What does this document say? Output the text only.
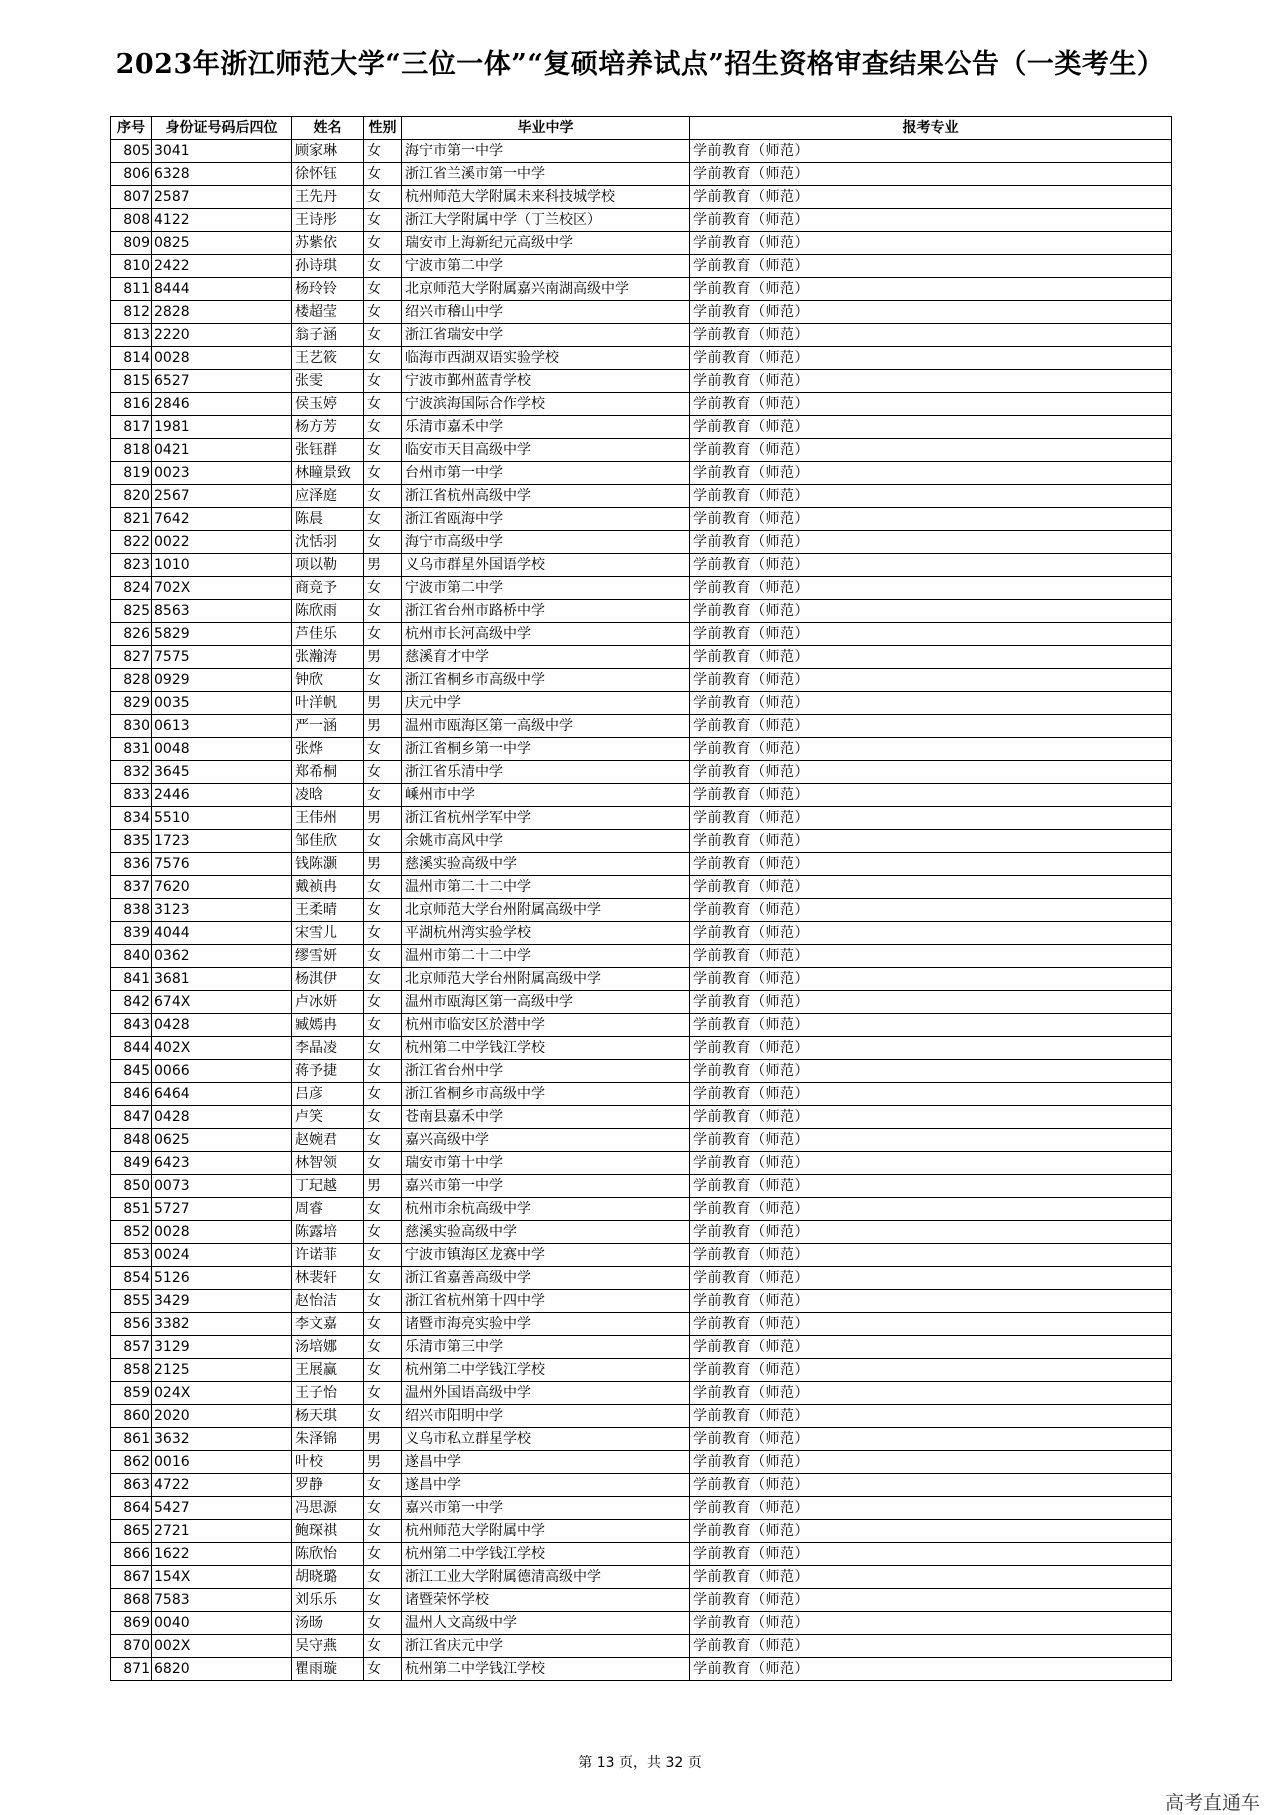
2023年浙江师范大学“三位一体”“复硕培养试点”招生资格审查结果公告（一类考生）
序号	身份证号码后四位	姓名	性别	毕业中学	报考专业
805	3041	顾家琳	女	海宁市第一中学	学前教育（师范）
806	6328	徐怀钰	女	浙江省兰溪市第一中学	学前教育（师范）
807	2587	王先丹	女	杭州师范大学附属未来科技城学校	学前教育（师范）
808	4122	王诗彤	女	浙江大学附属中学（丁兰校区）	学前教育（师范）
809	0825	苏紫依	女	瑞安市上海新纪元高级中学	学前教育（师范）
810	2422	孙诗琪	女	宁波市第二中学	学前教育（师范）
811	8444	杨玲铃	女	北京师范大学附属嘉兴南湖高级中学	学前教育（师范）
812	2828	楼超莹	女	绍兴市稽山中学	学前教育（师范）
813	2220	翁子涵	女	浙江省瑞安中学	学前教育（师范）
814	0028	王艺筱	女	临海市西湖双语实验学校	学前教育（师范）
815	6527	张雯	女	宁波市鄞州蓝青学校	学前教育（师范）
816	2846	侯玉婷	女	宁波滨海国际合作学校	学前教育（师范）
817	1981	杨方芳	女	乐清市嘉禾中学	学前教育（师范）
818	0421	张钰群	女	临安市天目高级中学	学前教育（师范）
819	0023	林瞳景致	女	台州市第一中学	学前教育（师范）
820	2567	应泽庭	女	浙江省杭州高级中学	学前教育（师范）
821	7642	陈晨	女	浙江省瓯海中学	学前教育（师范）
822	0022	沈恬羽	女	海宁市高级中学	学前教育（师范）
823	1010	项以勒	男	义乌市群星外国语学校	学前教育（师范）
824	702X	商竞予	女	宁波市第二中学	学前教育（师范）
825	8563	陈欣雨	女	浙江省台州市路桥中学	学前教育（师范）
826	5829	芦佳乐	女	杭州市长河高级中学	学前教育（师范）
827	7575	张瀚涛	男	慈溪育才中学	学前教育（师范）
828	0929	钟欣	女	浙江省桐乡市高级中学	学前教育（师范）
829	0035	叶洋帆	男	庆元中学	学前教育（师范）
830	0613	严一涵	男	温州市瓯海区第一高级中学	学前教育（师范）
831	0048	张烨	女	浙江省桐乡第一中学	学前教育（师范）
832	3645	郑希桐	女	浙江省乐清中学	学前教育（师范）
833	2446	凌晗	女	嵊州市中学	学前教育（师范）
834	5510	王伟州	男	浙江省杭州学军中学	学前教育（师范）
835	1723	邹佳欣	女	余姚市高风中学	学前教育（师范）
836	7576	钱陈灏	男	慈溪实验高级中学	学前教育（师范）
837	7620	戴祯冉	女	温州市第二十二中学	学前教育（师范）
838	3123	王柔晴	女	北京师范大学台州附属高级中学	学前教育（师范）
839	4044	宋雪儿	女	平湖杭州湾实验学校	学前教育（师范）
840	0362	缪雪妍	女	温州市第二十二中学	学前教育（师范）
841	3681	杨淇伊	女	北京师范大学台州附属高级中学	学前教育（师范）
842	674X	卢冰妍	女	温州市瓯海区第一高级中学	学前教育（师范）
843	0428	臧嫣冉	女	杭州市临安区於潜中学	学前教育（师范）
844	402X	李晶凌	女	杭州第二中学钱江学校	学前教育（师范）
845	0066	蒋予捷	女	浙江省台州中学	学前教育（师范）
846	6464	吕彦	女	浙江省桐乡市高级中学	学前教育（师范）
847	0428	卢笑	女	苍南县嘉禾中学	学前教育（师范）
848	0625	赵婉君	女	嘉兴高级中学	学前教育（师范）
849	6423	林智领	女	瑞安市第十中学	学前教育（师范）
850	0073	丁玘越	男	嘉兴市第一中学	学前教育（师范）
851	5727	周睿	女	杭州市余杭高级中学	学前教育（师范）
852	0028	陈露培	女	慈溪实验高级中学	学前教育（师范）
853	0024	许诺菲	女	宁波市镇海区龙赛中学	学前教育（师范）
854	5126	林裴轩	女	浙江省嘉善高级中学	学前教育（师范）
855	3429	赵怡洁	女	浙江省杭州第十四中学	学前教育（师范）
856	3382	李文嘉	女	诸暨市海亮实验中学	学前教育（师范）
857	3129	汤培娜	女	乐清市第三中学	学前教育（师范）
858	2125	王展赢	女	杭州第二中学钱江学校	学前教育（师范）
859	024X	王子怡	女	温州外国语高级中学	学前教育（师范）
860	2020	杨天琪	女	绍兴市阳明中学	学前教育（师范）
861	3632	朱泽锦	男	义乌市私立群星学校	学前教育（师范）
862	0016	叶校	男	遂昌中学	学前教育（师范）
863	4722	罗静	女	遂昌中学	学前教育（师范）
864	5427	冯思源	女	嘉兴市第一中学	学前教育（师范）
865	2721	鲍琛祺	女	杭州师范大学附属中学	学前教育（师范）
866	1622	陈欣怡	女	杭州第二中学钱江学校	学前教育（师范）
867	154X	胡晓璐	女	浙江工业大学附属德清高级中学	学前教育（师范）
868	7583	刘乐乐	女	诸暨荣怀学校	学前教育（师范）
869	0040	汤旸	女	温州人文高级中学	学前教育（师范）
870	002X	吴守燕	女	浙江省庆元中学	学前教育（师范）
871	6820	瞿雨璇	女	杭州第二中学钱江学校	学前教育（师范）
第 13 页，共 32 页
高考直通车
